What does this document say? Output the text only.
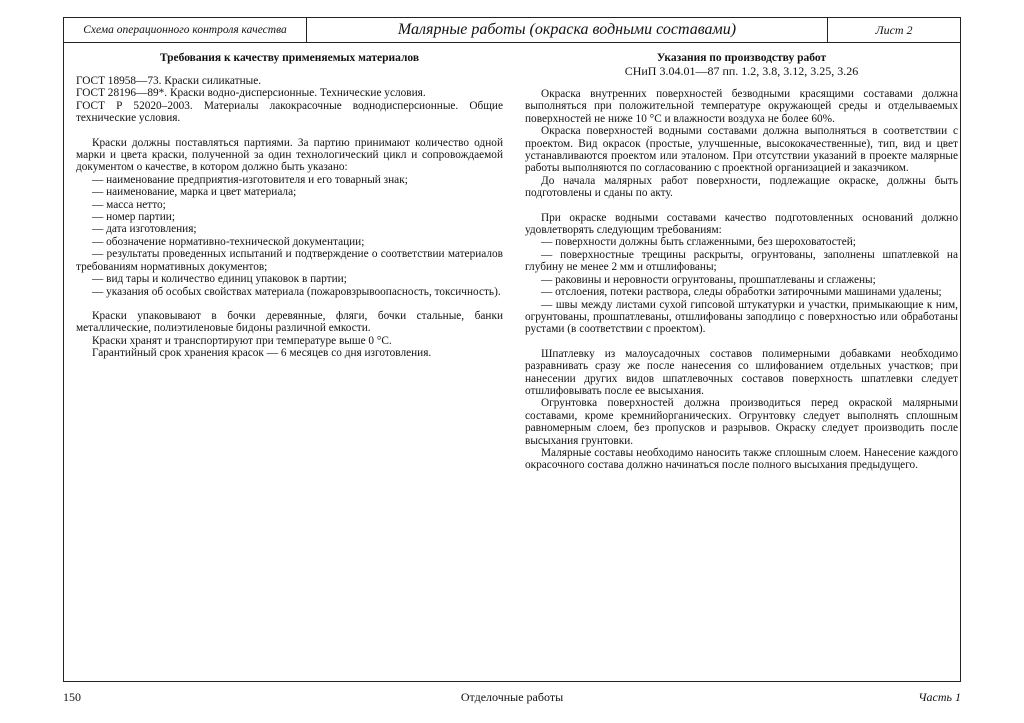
Схема операционного контроля качества	Малярные работы (окраска водными составами)	Лист 2

Требования к качеству применяемых материалов

ГОСТ 18958—73. Краски силикатные.

ГОСТ 28196—89*. Краски водно-дисперсионные. Технические условия.

ГОСТ Р 52020–2003. Материалы лакокрасочные воднодисперсионные. Общие технические условия.

Краски должны поставляться партиями. За партию принимают количество одной марки и цвета краски, полученной за один технологический цикл и сопровождаемой документом о качестве, в котором должно быть указано:

— наименование предприятия-изготовителя и его товарный знак;

— наименование, марка и цвет материала;

— масса нетто;

— номер партии;

— дата изготовления;

— обозначение нормативно-технической документации;

— результаты проведенных испытаний и подтверждение о соответствии материалов требованиям нормативных документов;

— вид тары и количество единиц упаковок в партии;

— указания об особых свойствах материала (пожаровзрывоопасность, токсичность).

Краски упаковывают в бочки деревянные, фляги, бочки стальные, банки металлические, полиэтиленовые бидоны различной емкости.

Краски хранят и транспортируют при температуре выше 0 °С.

Гарантийный срок хранения красок — 6 месяцев со дня изготовления.

Указания по производству работ

СНиП 3.04.01—87 пп. 1.2, 3.8, 3.12, 3.25, 3.26

Окраска внутренних поверхностей безводными красящими составами должна выполняться при положительной температуре окружающей среды и отделываемых поверхностей не ниже 10 °С и влажности воздуха не более 60%.

Окраска поверхностей водными составами должна выполняться в соответствии с проектом. Вид окрасок (простые, улучшенные, высококачественные), тип, вид и цвет устанавливаются проектом или эталоном. При отсутствии указаний в проекте малярные работы выполняются по согласованию с проектной организацией и заказчиком.

До начала малярных работ поверхности, подлежащие окраске, должны быть подготовлены и сданы по акту.

При окраске водными составами качество подготовленных оснований должно удовлетворять следующим требованиям:

— поверхности должны быть сглаженными, без шероховатостей;

— поверхностные трещины раскрыты, огрунтованы, заполнены шпатлевкой на глубину не менее 2 мм и отшлифованы;

— раковины и неровности огрунтованы, прошпатлеваны и сглажены;

— отслоения, потеки раствора, следы обработки затирочными машинами удалены;

— швы между листами сухой гипсовой штукатурки и участки, примыкающие к ним, огрунтованы, прошпатлеваны, отшлифованы заподлицо с поверхностью или обработаны рустами (в соответствии с проектом).

Шпатлевку из малоусадочных составов полимерными добавками необходимо разравнивать сразу же после нанесения со шлифованием отдельных участков; при нанесении других видов шпатлевочных составов поверхность шпатлевки следует отшлифовывать после ее высыхания.

Огрунтовка поверхностей должна производиться перед окраской малярными составами, кроме кремнийорганических. Огрунтовку следует выполнять сплошным равномерным слоем, без пропусков и разрывов. Окраску следует производить после высыхания грунтовки.

Малярные составы необходимо наносить также сплошным слоем. Нанесение каждого окрасочного состава должно начинаться после полного высыхания предыдущего.

150	Отделочные работы	Часть 1
